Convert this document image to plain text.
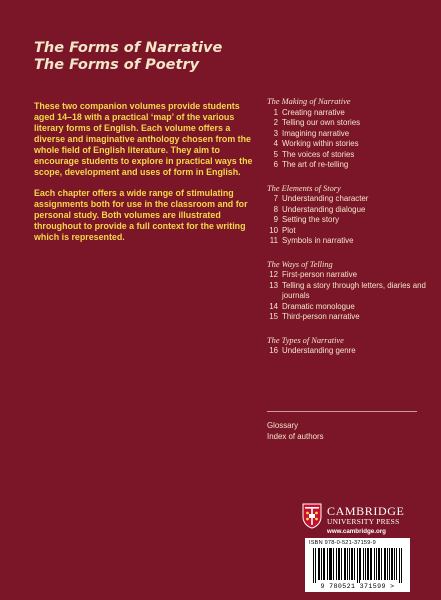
The Forms of Narrative
The Forms of Poetry

These two companion volumes provide students aged 14–18 with a practical ‘map’ of the various literary forms of English. Each volume offers a diverse and imaginative anthology chosen from the whole field of English literature. They aim to encourage students to explore in practical ways the scope, development and uses of form in English.

Each chapter offers a wide range of stimulating assignments both for use in the classroom and for personal study. Both volumes are illustrated throughout to provide a full context for the writing which is represented.

The Making of Narrative
1 Creating narrative
2 Telling our own stories
3 Imagining narrative
4 Working within stories
5 The voices of stories
6 The art of re-telling
The Elements of Story
7 Understanding character
8 Understanding dialogue
9 Setting the story
10 Plot
11 Symbols in narrative
The Ways of Telling
12 First-person narrative
13 Telling a story through letters, diaries and journals
14 Dramatic monologue
15 Third-person narrative
The Types of Narrative
16 Understanding genre
Glossary
Index of authors
CAMBRIDGE
UNIVERSITY PRESS
www.cambridge.org
ISBN 978-0-521-37159-9
9 780521 371599 >
